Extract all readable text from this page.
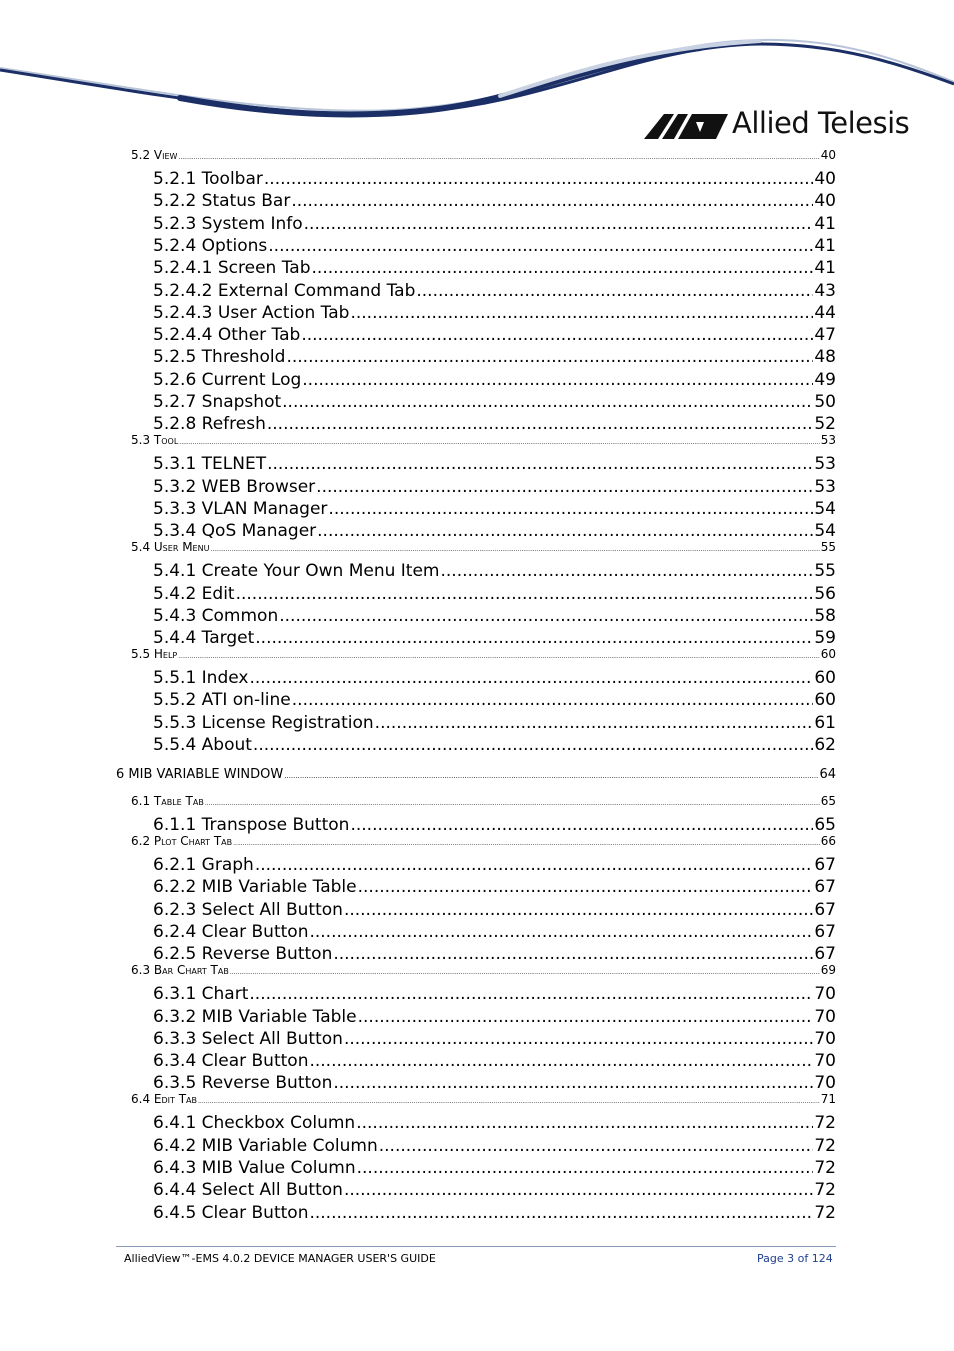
Allied Telesis
5.2 View .....	40
5.2.1 Toolbar .....	40
5.2.2 Status Bar .....	40
5.2.3 System Info .....	41
5.2.4 Options .....	41
5.2.4.1 Screen Tab .....	41
5.2.4.2 External Command Tab .....	43
5.2.4.3 User Action Tab .....	44
5.2.4.4 Other Tab .....	47
5.2.5 Threshold .....	48
5.2.6 Current Log .....	49
5.2.7 Snapshot .....	50
5.2.8 Refresh .....	52
5.3 Tool .....	53
5.3.1 TELNET .....	53
5.3.2 WEB Browser .....	53
5.3.3 VLAN Manager .....	54
5.3.4 QoS Manager .....	54
5.4 User Menu .....	55
5.4.1 Create Your Own Menu Item .....	55
5.4.2 Edit .....	56
5.4.3 Common .....	58
5.4.4 Target .....	59
5.5 Help .....	60
5.5.1 Index .....	60
5.5.2 ATI on-line .....	60
5.5.3 License Registration .....	61
5.5.4 About .....	62
6 MIB VARIABLE WINDOW .....	64
6.1 Table Tab .....	65
6.1.1 Transpose Button .....	65
6.2 Plot Chart Tab .....	66
6.2.1 Graph .....	67
6.2.2 MIB Variable Table .....	67
6.2.3 Select All Button .....	67
6.2.4 Clear Button .....	67
6.2.5 Reverse Button .....	67
6.3 Bar Chart Tab .....	69
6.3.1 Chart .....	70
6.3.2 MIB Variable Table .....	70
6.3.3 Select All Button .....	70
6.3.4 Clear Button .....	70
6.3.5 Reverse Button .....	70
6.4 Edit Tab .....	71
6.4.1 Checkbox Column .....	72
6.4.2 MIB Variable Column .....	72
6.4.3 MIB Value Column .....	72
6.4.4 Select All Button .....	72
6.4.5 Clear Button .....	72
AlliedView™-EMS 4.0.2 DEVICE MANAGER USER'S GUIDE	Page 3 of 124
